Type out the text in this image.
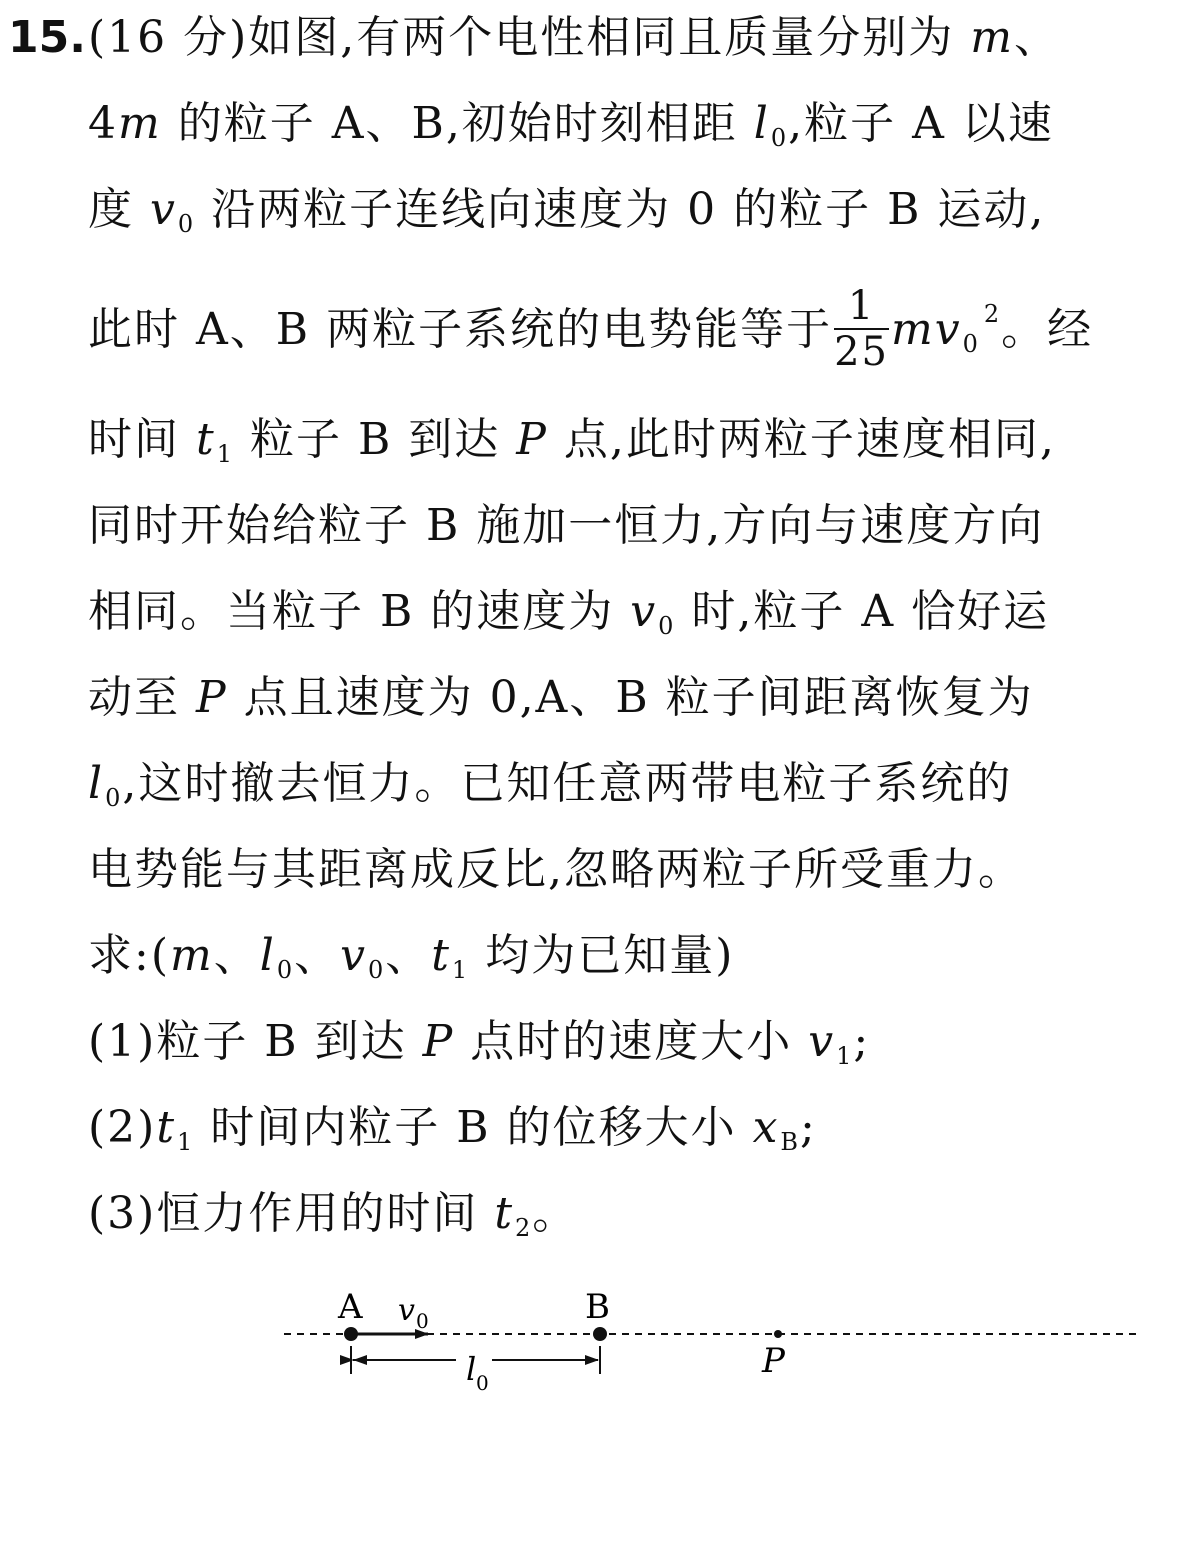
15. (16 分)如图,有两个电性相同且质量分别为 m、
4m 的粒子 A、B,初始时刻相距 $l_0$,粒子 A 以速
度 $v_0$ 沿两粒子连线向速度为 0 的粒子 B 运动,
此时 A、B 两粒子系统的电势能等于 $\frac{1}{25} mv_0^2$。经
时间 $t_1$ 粒子 B 到达 P 点,此时两粒子速度相同,
同时开始给粒子 B 施加一恒力,方向与速度方向
相同。当粒子 B 的速度为 $v_0$ 时,粒子 A 恰好运
动至 P 点且速度为 0,A、B 粒子间距离恢复为
$l_0$,这时撤去恒力。已知任意两带电粒子系统的
电势能与其距离成反比,忽略两粒子所受重力。
求:(m、$l_0$、$v_0$、$t_1$ 均为已知量)
(1)粒子 B 到达 P 点时的速度大小 $v_1$;
$(2)t_1$ 时间内粒子 B 的位移大小 $x_B$;
(3)恒力作用的时间 $t_2$。
A	B
P
v 0
l 0
